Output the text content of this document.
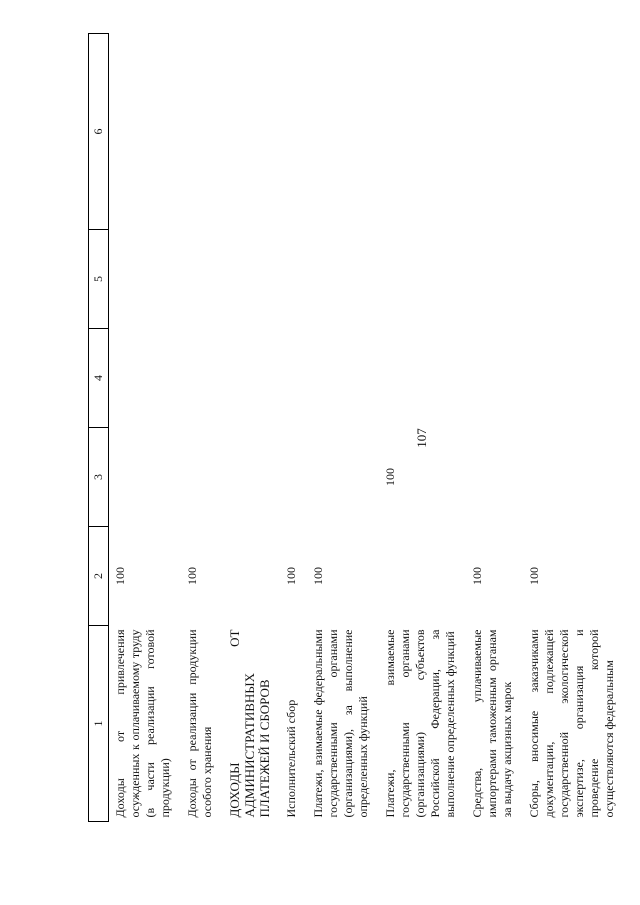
107
1	2	3	4	5	6
Доходы от привлечения осужденных к оплачиваемому труду (в части реализации готовой продукции)	100				
Доходы от реализации продукции особого хранения	100				
ДОХОДЫ ОТ АДМИНИСТРАТИВНЫХ ПЛАТЕЖЕЙ И СБОРОВ					
Исполнительский сбор	100				
Платежи, взимаемые федеральными государственными органами (организациями), за выполнение определенных функций	100				
Платежи, взимаемые государственными органами (организациями) субъектов Российской Федерации, за выполнение определенных функций		100			
Средства, уплачиваемые импортерами таможенным органам за выдачу акцизных марок	100				
Сборы, вносимые заказчиками документации, подлежащей государственной экологической экспертизе, организация и проведение которой осуществляются федеральным	100				
